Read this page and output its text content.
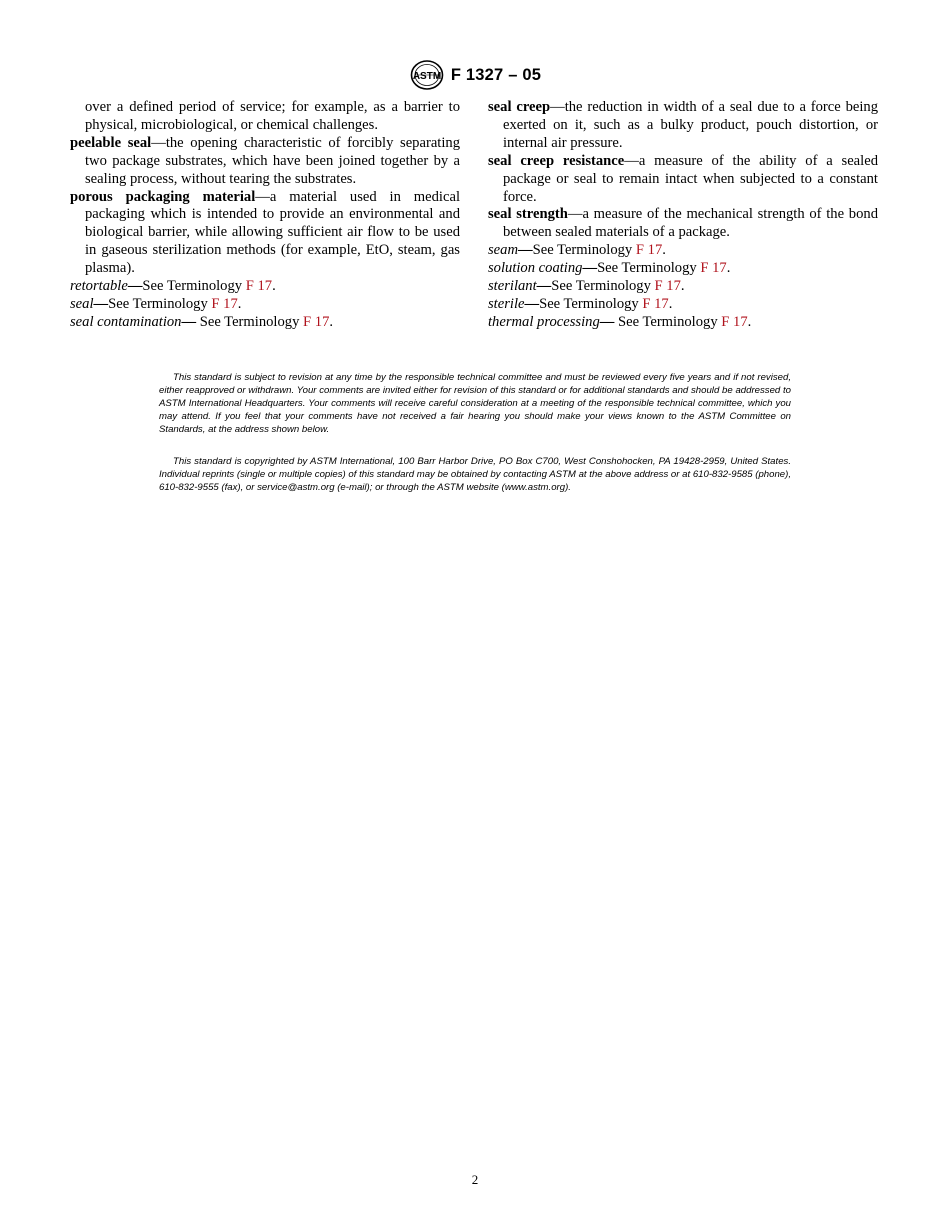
ASTM F 1327 – 05

over a defined period of service; for example, as a barrier to physical, microbiological, or chemical challenges.

peelable seal—the opening characteristic of forcibly separating two package substrates, which have been joined together by a sealing process, without tearing the substrates.

porous packaging material—a material used in medical packaging which is intended to provide an environmental and biological barrier, while allowing sufficient air flow to be used in gaseous sterilization methods (for example, EtO, steam, gas plasma).

retortable—See Terminology F 17.

seal—See Terminology F 17.

seal contamination— See Terminology F 17.

seal creep—the reduction in width of a seal due to a force being exerted on it, such as a bulky product, pouch distortion, or internal air pressure.

seal creep resistance—a measure of the ability of a sealed package or seal to remain intact when subjected to a constant force.

seal strength—a measure of the mechanical strength of the bond between sealed materials of a package.

seam—See Terminology F 17.

solution coating—See Terminology F 17.

sterilant—See Terminology F 17.

sterile—See Terminology F 17.

thermal processing— See Terminology F 17.

This standard is subject to revision at any time by the responsible technical committee and must be reviewed every five years and if not revised, either reapproved or withdrawn. Your comments are invited either for revision of this standard or for additional standards and should be addressed to ASTM International Headquarters. Your comments will receive careful consideration at a meeting of the responsible technical committee, which you may attend. If you feel that your comments have not received a fair hearing you should make your views known to the ASTM Committee on Standards, at the address shown below.

This standard is copyrighted by ASTM International, 100 Barr Harbor Drive, PO Box C700, West Conshohocken, PA 19428-2959, United States. Individual reprints (single or multiple copies) of this standard may be obtained by contacting ASTM at the above address or at 610-832-9585 (phone), 610-832-9555 (fax), or service@astm.org (e-mail); or through the ASTM website (www.astm.org).

2
